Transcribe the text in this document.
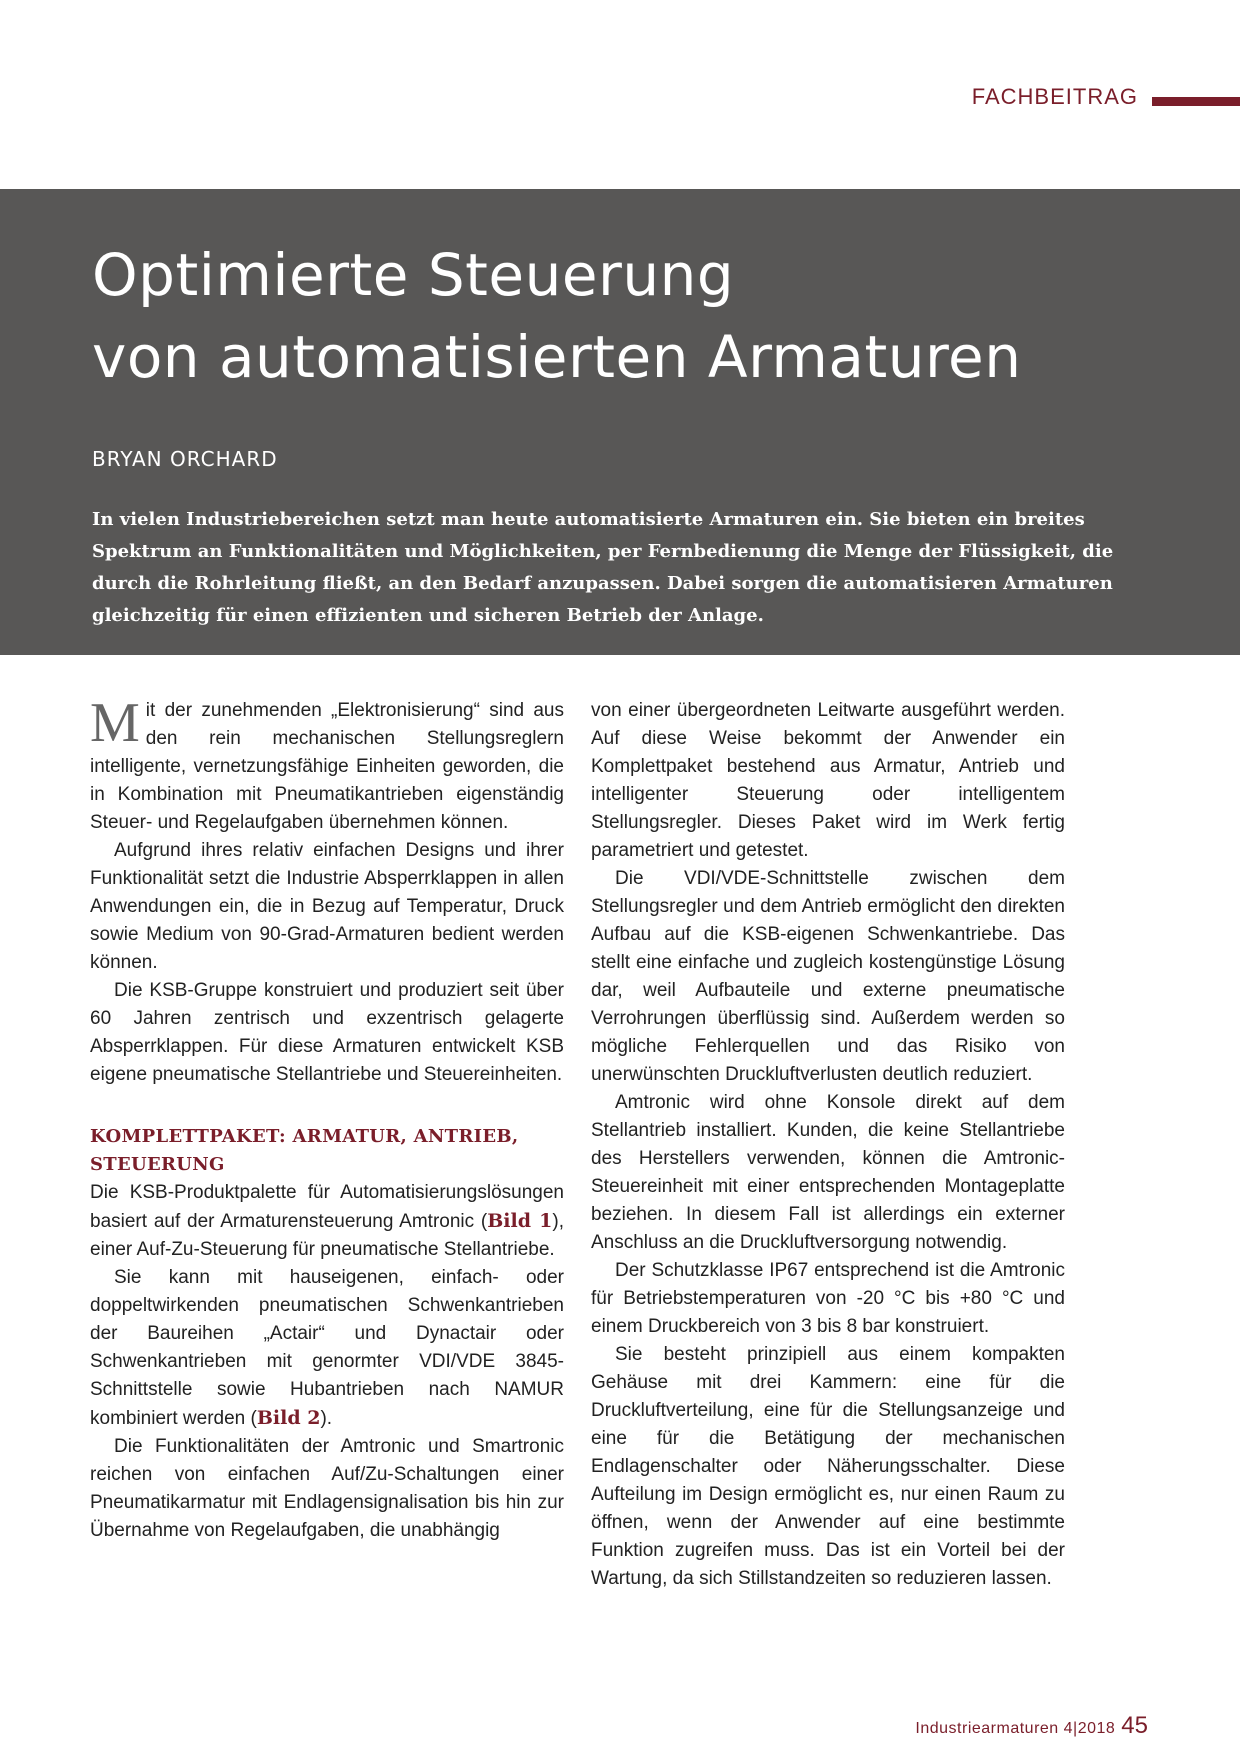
FACHBEITRAG
Optimierte Steuerung
von automatisierten Armaturen
BRYAN ORCHARD

In vielen Industriebereichen setzt man heute automatisierte Armaturen ein. Sie bieten ein breites Spektrum an Funktionalitäten und Möglichkeiten, per Fernbedienung die Menge der Flüssigkeit, die durch die Rohrleitung fließt, an den Bedarf anzupassen. Dabei sorgen die automatisieren Armaturen gleichzeitig für einen effizienten und sicheren Betrieb der Anlage.

Mit der zunehmenden „Elektronisierung“ sind aus den rein mechanischen Stellungsreglern intelligente, vernetzungsfähige Einheiten geworden, die in Kombination mit Pneumatikantrieben eigenständig Steuer- und Regelaufgaben übernehmen können.

Aufgrund ihres relativ einfachen Designs und ihrer Funktionalität setzt die Industrie Absperrklappen in allen Anwendungen ein, die in Bezug auf Temperatur, Druck sowie Medium von 90-Grad-Armaturen bedient werden können.

Die KSB-Gruppe konstruiert und produziert seit über 60 Jahren zentrisch und exzentrisch gelagerte Absperrklappen. Für diese Armaturen entwickelt KSB eigene pneumatische Stellantriebe und Steuereinheiten.

KOMPLETTPAKET: ARMATUR, ANTRIEB, STEUERUNG

Die KSB-Produktpalette für Automatisierungslösungen basiert auf der Armaturensteuerung Amtronic (Bild 1), einer Auf-Zu-Steuerung für pneumatische Stellantriebe.

Sie kann mit hauseigenen, einfach- oder doppeltwirkenden pneumatischen Schwenkantrieben der Baureihen „Actair“ und Dynactair oder Schwenkantrieben mit genormter VDI/VDE 3845-Schnittstelle sowie Hubantrieben nach NAMUR kombiniert werden (Bild 2).

Die Funktionalitäten der Amtronic und Smartronic reichen von einfachen Auf/Zu-Schaltungen einer Pneumatikarmatur mit Endlagensignalisation bis hin zur Übernahme von Regelaufgaben, die unabhängig

von einer übergeordneten Leitwarte ausgeführt werden. Auf diese Weise bekommt der Anwender ein Komplettpaket bestehend aus Armatur, Antrieb und intelligenter Steuerung oder intelligentem Stellungsregler. Dieses Paket wird im Werk fertig parametriert und getestet.

Die VDI/VDE-Schnittstelle zwischen dem Stellungsregler und dem Antrieb ermöglicht den direkten Aufbau auf die KSB-eigenen Schwenkantriebe. Das stellt eine einfache und zugleich kostengünstige Lösung dar, weil Aufbauteile und externe pneumatische Verrohrungen überflüssig sind. Außerdem werden so mögliche Fehlerquellen und das Risiko von unerwünschten Druckluftverlusten deutlich reduziert.

Amtronic wird ohne Konsole direkt auf dem Stellantrieb installiert. Kunden, die keine Stellantriebe des Herstellers verwenden, können die Amtronic-Steuereinheit mit einer entsprechenden Montageplatte beziehen. In diesem Fall ist allerdings ein externer Anschluss an die Druckluftversorgung notwendig.

Der Schutzklasse IP67 entsprechend ist die Amtronic für Betriebstemperaturen von -20 °C bis +80 °C und einem Druckbereich von 3 bis 8 bar konstruiert.

Sie besteht prinzipiell aus einem kompakten Gehäuse mit drei Kammern: eine für die Druckluftverteilung, eine für die Stellungsanzeige und eine für die Betätigung der mechanischen Endlagenschalter oder Näherungsschalter. Diese Aufteilung im Design ermöglicht es, nur einen Raum zu öffnen, wenn der Anwender auf eine bestimmte Funktion zugreifen muss. Das ist ein Vorteil bei der Wartung, da sich Stillstandzeiten so reduzieren lassen.

Industriearmaturen 4|2018 45
